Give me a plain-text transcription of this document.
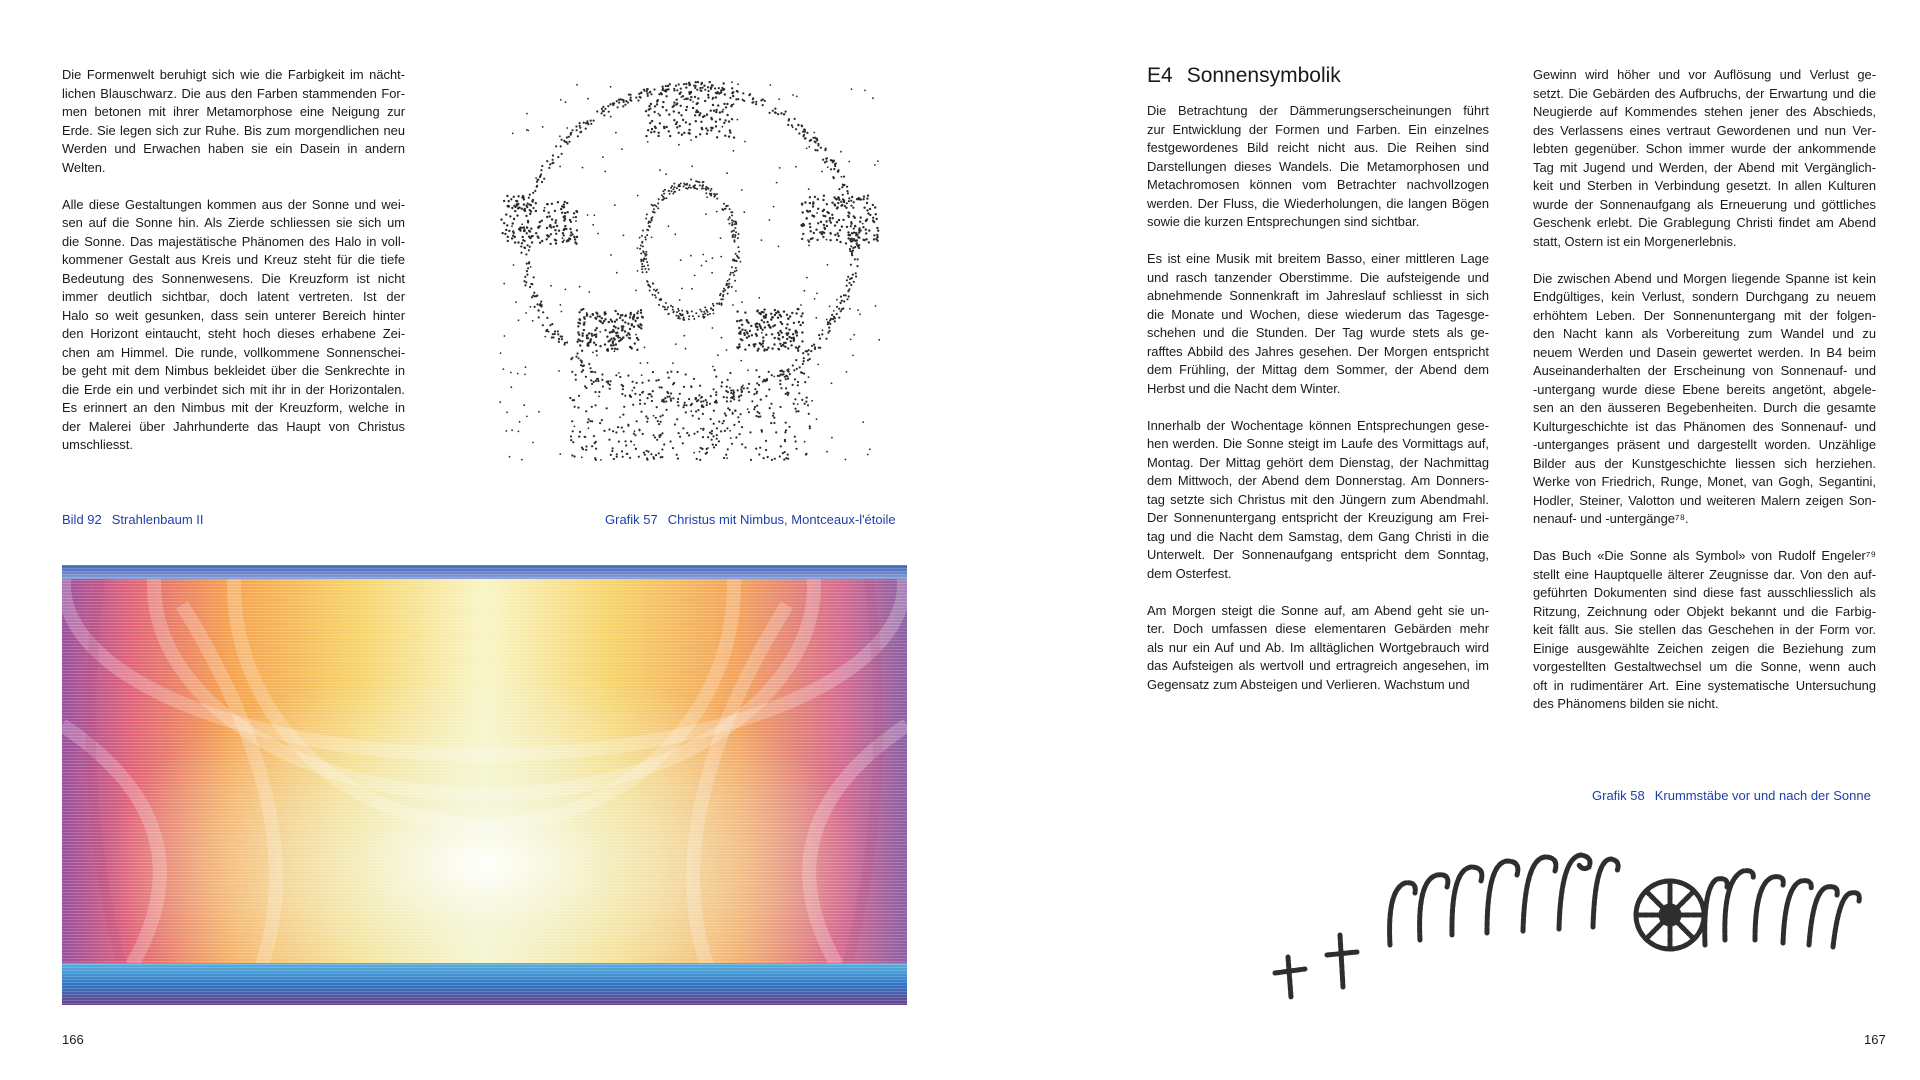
Die Formenwelt beruhigt sich wie die Farbigkeit im nächt-
lichen Blauschwarz. Die aus den Farben stammenden For-
men betonen mit ihrer Metamorphose eine Neigung zur
Erde. Sie legen sich zur Ruhe. Bis zum morgendlichen neu
Werden und Erwachen haben sie ein Dasein in andern
Welten.

Alle diese Gestaltungen kommen aus der Sonne und wei-
sen auf die Sonne hin. Als Zierde schliessen sie sich um
die Sonne. Das majestätische Phänomen des Halo in voll-
kommener Gestalt aus Kreis und Kreuz steht für die tiefe
Bedeutung des Sonnenwesens. Die Kreuzform ist nicht
immer deutlich sichtbar, doch latent vertreten. Ist der
Halo so weit gesunken, dass sein unterer Bereich hinter
den Horizont eintaucht, steht hoch dieses erhabene Zei-
chen am Himmel. Die runde, vollkommene Sonnenschei-
be geht mit dem Nimbus bekleidet über die Senkrechte in
die Erde ein und verbindet sich mit ihr in der Horizontalen.
Es erinnert an den Nimbus mit der Kreuzform, welche in
der Malerei über Jahrhunderte das Haupt von Christus
umschliesst.

Bild 92 Strahlenbaum II	Grafik 57 Christus mit Nimbus, Montceaux-l'étoile
166
E4 Sonnensymbolik

Die Betrachtung der Dämmerungserscheinungen führt
zur Entwicklung der Formen und Farben. Ein einzelnes
festgewordenes Bild reicht nicht aus. Die Reihen sind
Darstellungen dieses Wandels. Die Metamorphosen und
Metachromosen können vom Betrachter nachvollzogen
werden. Der Fluss, die Wiederholungen, die langen Bögen
sowie die kurzen Entsprechungen sind sichtbar.

Es ist eine Musik mit breitem Basso, einer mittleren Lage
und rasch tanzender Oberstimme. Die aufsteigende und
abnehmende Sonnenkraft im Jahreslauf schliesst in sich
die Monate und Wochen, diese wiederum das Tagesge-
schehen und die Stunden. Der Tag wurde stets als ge-
rafftes Abbild des Jahres gesehen. Der Morgen entspricht
dem Frühling, der Mittag dem Sommer, der Abend dem
Herbst und die Nacht dem Winter.

Innerhalb der Wochentage können Entsprechungen gese-
hen werden. Die Sonne steigt im Laufe des Vormittags auf,
Montag. Der Mittag gehört dem Dienstag, der Nachmittag
dem Mittwoch, der Abend dem Donnerstag. Am Donners-
tag setzte sich Christus mit den Jüngern zum Abendmahl.
Der Sonnenuntergang entspricht der Kreuzigung am Frei-
tag und die Nacht dem Samstag, dem Gang Christi in die
Unterwelt. Der Sonnenaufgang entspricht dem Sonntag,
dem Osterfest.

Am Morgen steigt die Sonne auf, am Abend geht sie un-
ter. Doch umfassen diese elementaren Gebärden mehr
als nur ein Auf und Ab. Im alltäglichen Wortgebrauch wird
das Aufsteigen als wertvoll und ertragreich angesehen, im
Gegensatz zum Absteigen und Verlieren. Wachstum und

Gewinn wird höher und vor Auflösung und Verlust ge-
setzt. Die Gebärden des Aufbruchs, der Erwartung und die
Neugierde auf Kommendes stehen jener des Abschieds,
des Verlassens eines vertraut Gewordenen und nun Ver-
lebten gegenüber. Schon immer wurde der ankommende
Tag mit Jugend und Werden, der Abend mit Vergänglich-
keit und Sterben in Verbindung gesetzt. In allen Kulturen
wurde der Sonnenaufgang als Erneuerung und göttliches
Geschenk erlebt. Die Grablegung Christi findet am Abend
statt, Ostern ist ein Morgenerlebnis.

Die zwischen Abend und Morgen liegende Spanne ist kein
Endgültiges, kein Verlust, sondern Durchgang zu neuem
erhöhtem Leben. Der Sonnenuntergang mit der folgen-
den Nacht kann als Vorbereitung zum Wandel und zu
neuem Werden und Dasein gewertet werden. In B4 beim
Auseinanderhalten der Erscheinung von Sonnenauf- und
-untergang wurde diese Ebene bereits angetönt, abgele-
sen an den äusseren Begebenheiten. Durch die gesamte
Kulturgeschichte ist das Phänomen des Sonnenauf- und
-unterganges präsent und dargestellt worden. Unzählige
Bilder aus der Kunstgeschichte liessen sich herziehen.
Werke von Friedrich, Runge, Monet, van Gogh, Segantini,
Hodler, Steiner, Valotton und weiteren Malern zeigen Son-
nenauf- und -untergänge⁷⁸.

Das Buch «Die Sonne als Symbol» von Rudolf Engeler⁷⁹
stellt eine Hauptquelle älterer Zeugnisse dar. Von den auf-
geführten Dokumenten sind diese fast ausschliesslich als
Ritzung, Zeichnung oder Objekt bekannt und die Farbig-
keit fällt aus. Sie stellen das Geschehen in der Form vor.
Einige ausgewählte Zeichen zeigen die Beziehung zum
vorgestellten Gestaltwechsel um die Sonne, wenn auch
oft in rudimentärer Art. Eine systematische Untersuchung
des Phänomens bilden sie nicht.

Grafik 58 Krummstäbe vor und nach der Sonne
167
